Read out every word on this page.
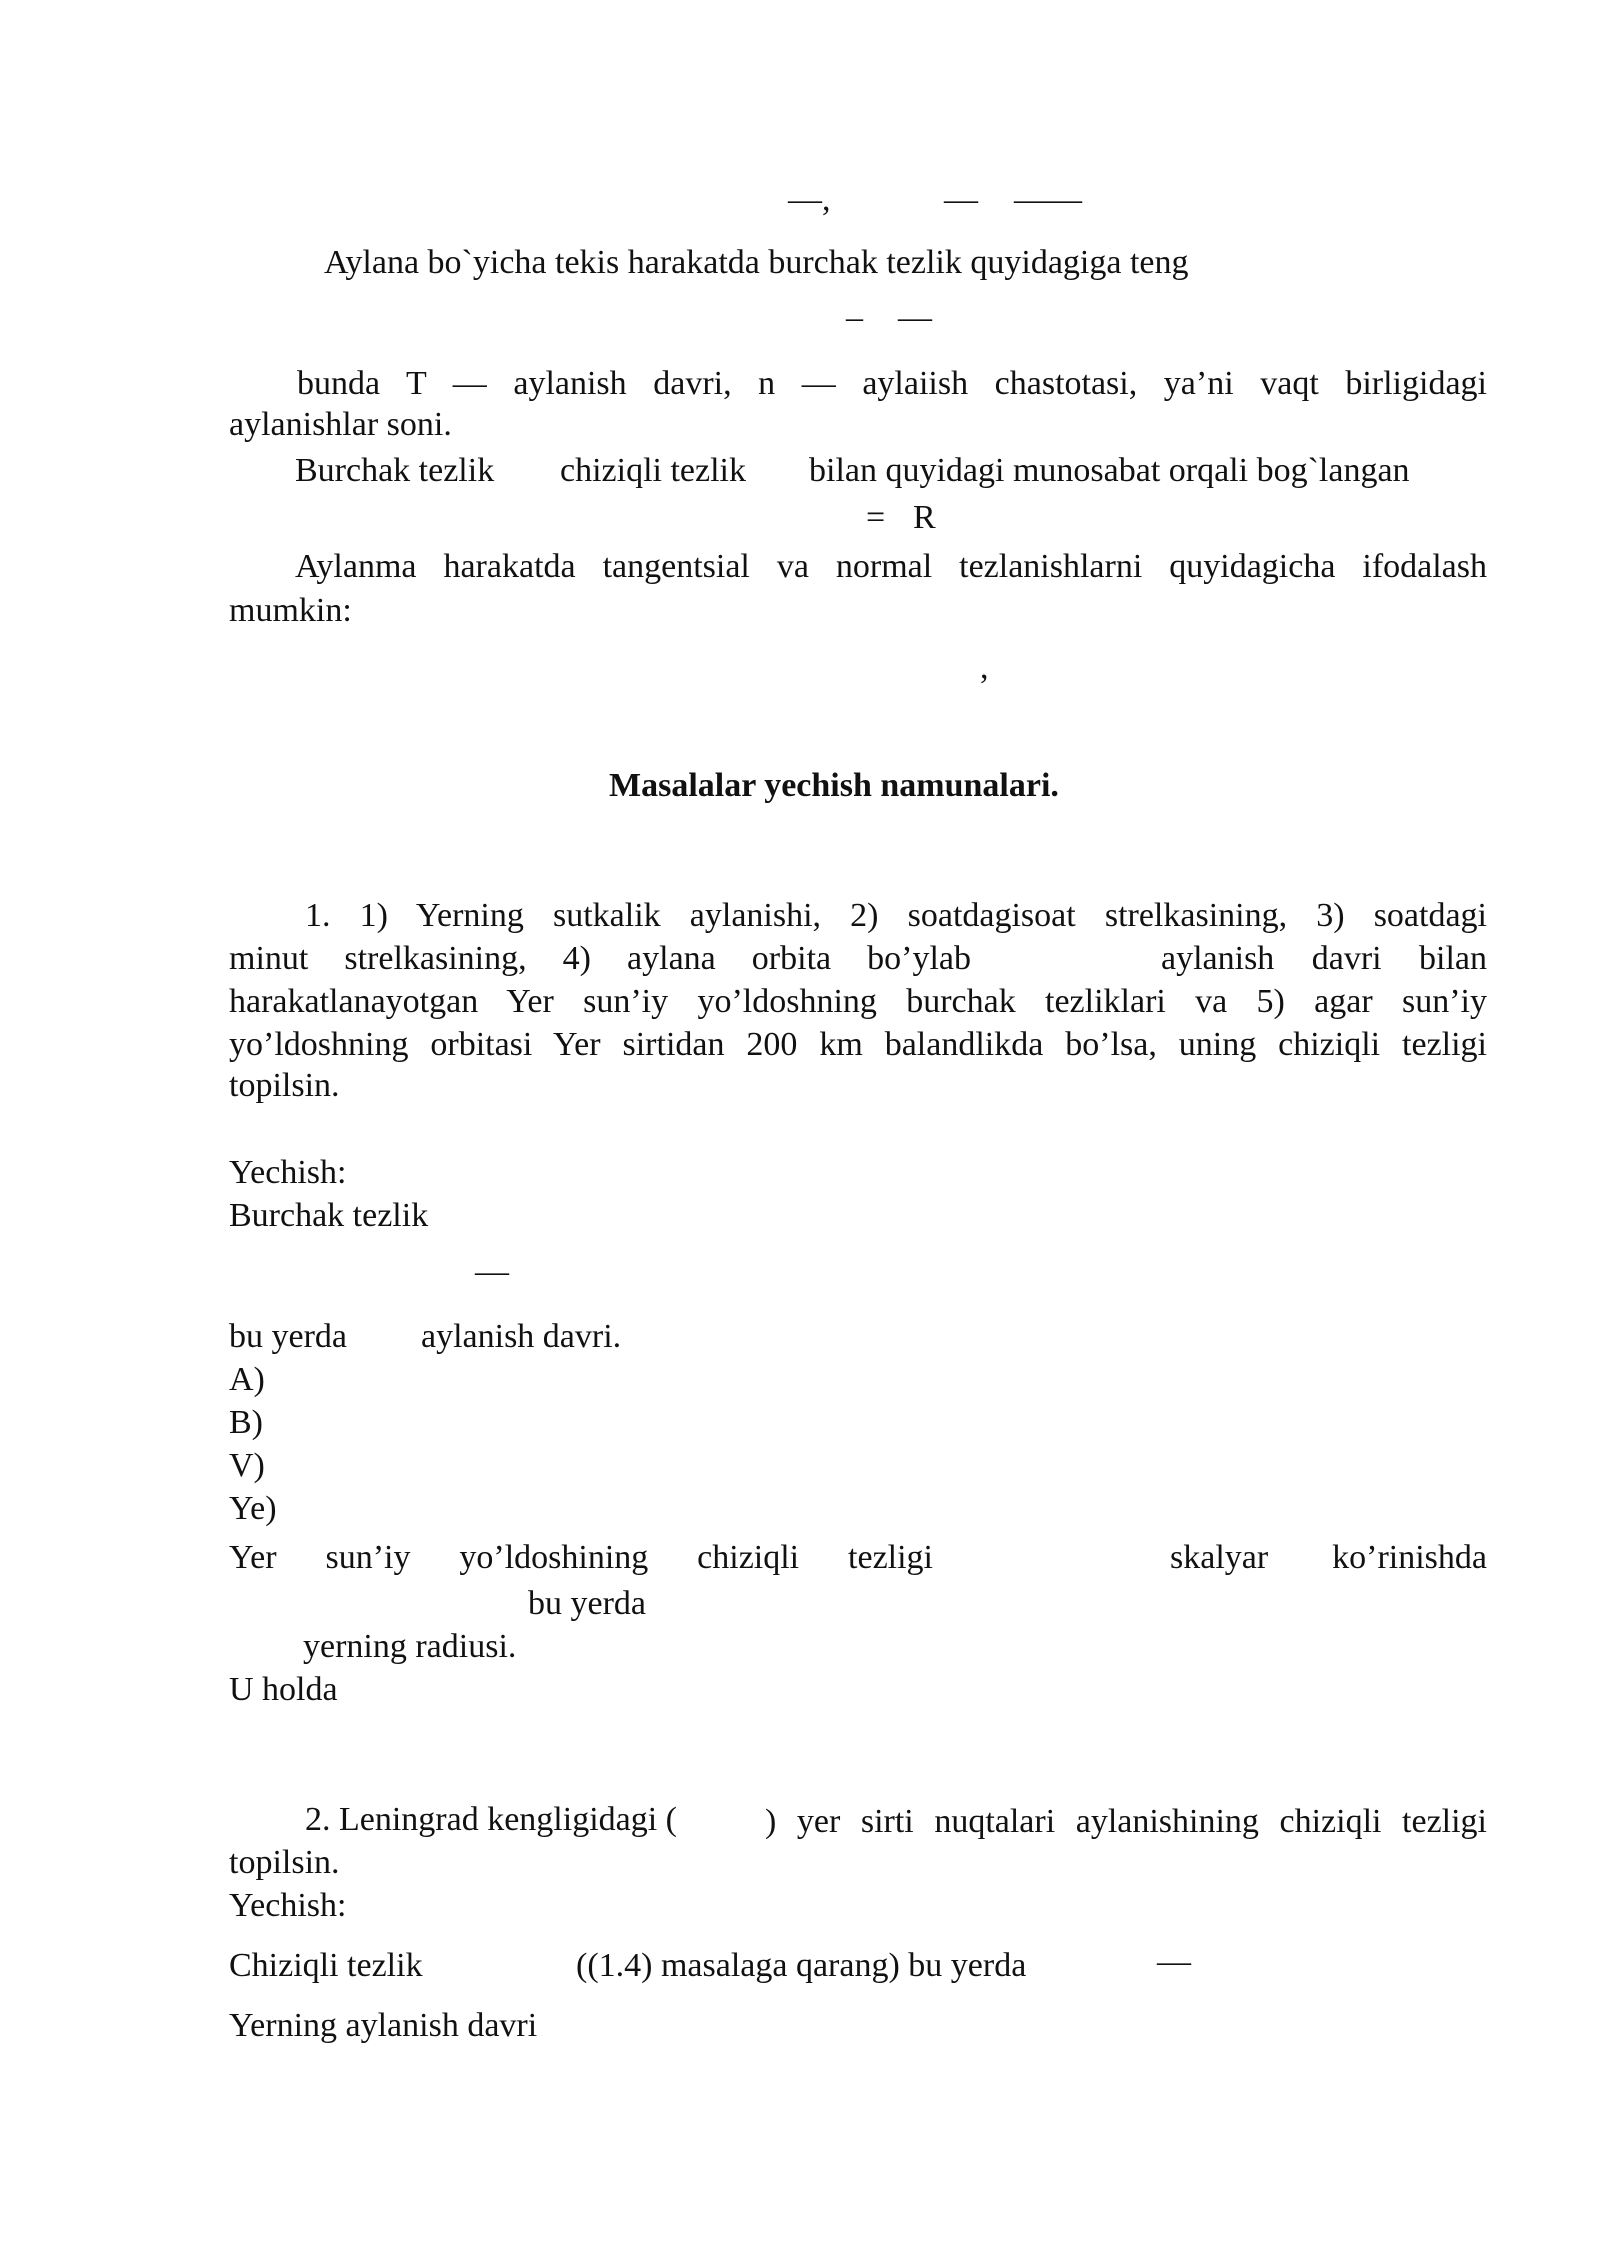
—,	— ——
Aylana bo`yicha tekis harakatda burchak tezlik quyidagiga teng
– —
bunda T — aylanish davri, n — aylaiish chastotasi, ya’ni vaqt birligidagi
aylanishlar soni.
Burchak tezlik chiziqli tezlik bilan quyidagi munosabat orqali bog`langan
= R
Aylanma harakatda tangentsial va normal tezlanishlarni quyidagicha ifodalash
mumkin:
,
Masalalar yechish namunalari.
1. 1) Yerning sutkalik aylanishi, 2) soatdagisoat strelkasining, 3) soatdagi
minut strelkasining, 4) aylana orbita bo’ylab	aylanish davri bilan
harakatlanayotgan Yer sun’iy yo’ldoshning burchak tezliklari va 5) agar sun’iy
yo’ldoshning orbitasi Yer sirtidan 200 km balandlikda bo’lsa, uning chiziqli tezligi
topilsin.
Yechish:
Burchak tezlik
—
bu yerda aylanish davri.
A)
B)
V)
Ye)
Yer sun’iy yo’ldoshining chiziqli tezligi	skalyar ko’rinishda
bu yerda
yerning radiusi.
U holda
2. Leningrad kengligidagi (	) yer sirti nuqtalari aylanishining chiziqli tezligi
topilsin.
Yechish:
Chiziqli tezlik	((1.4) masalaga qarang) bu yerda	—
Yerning aylanish davri
